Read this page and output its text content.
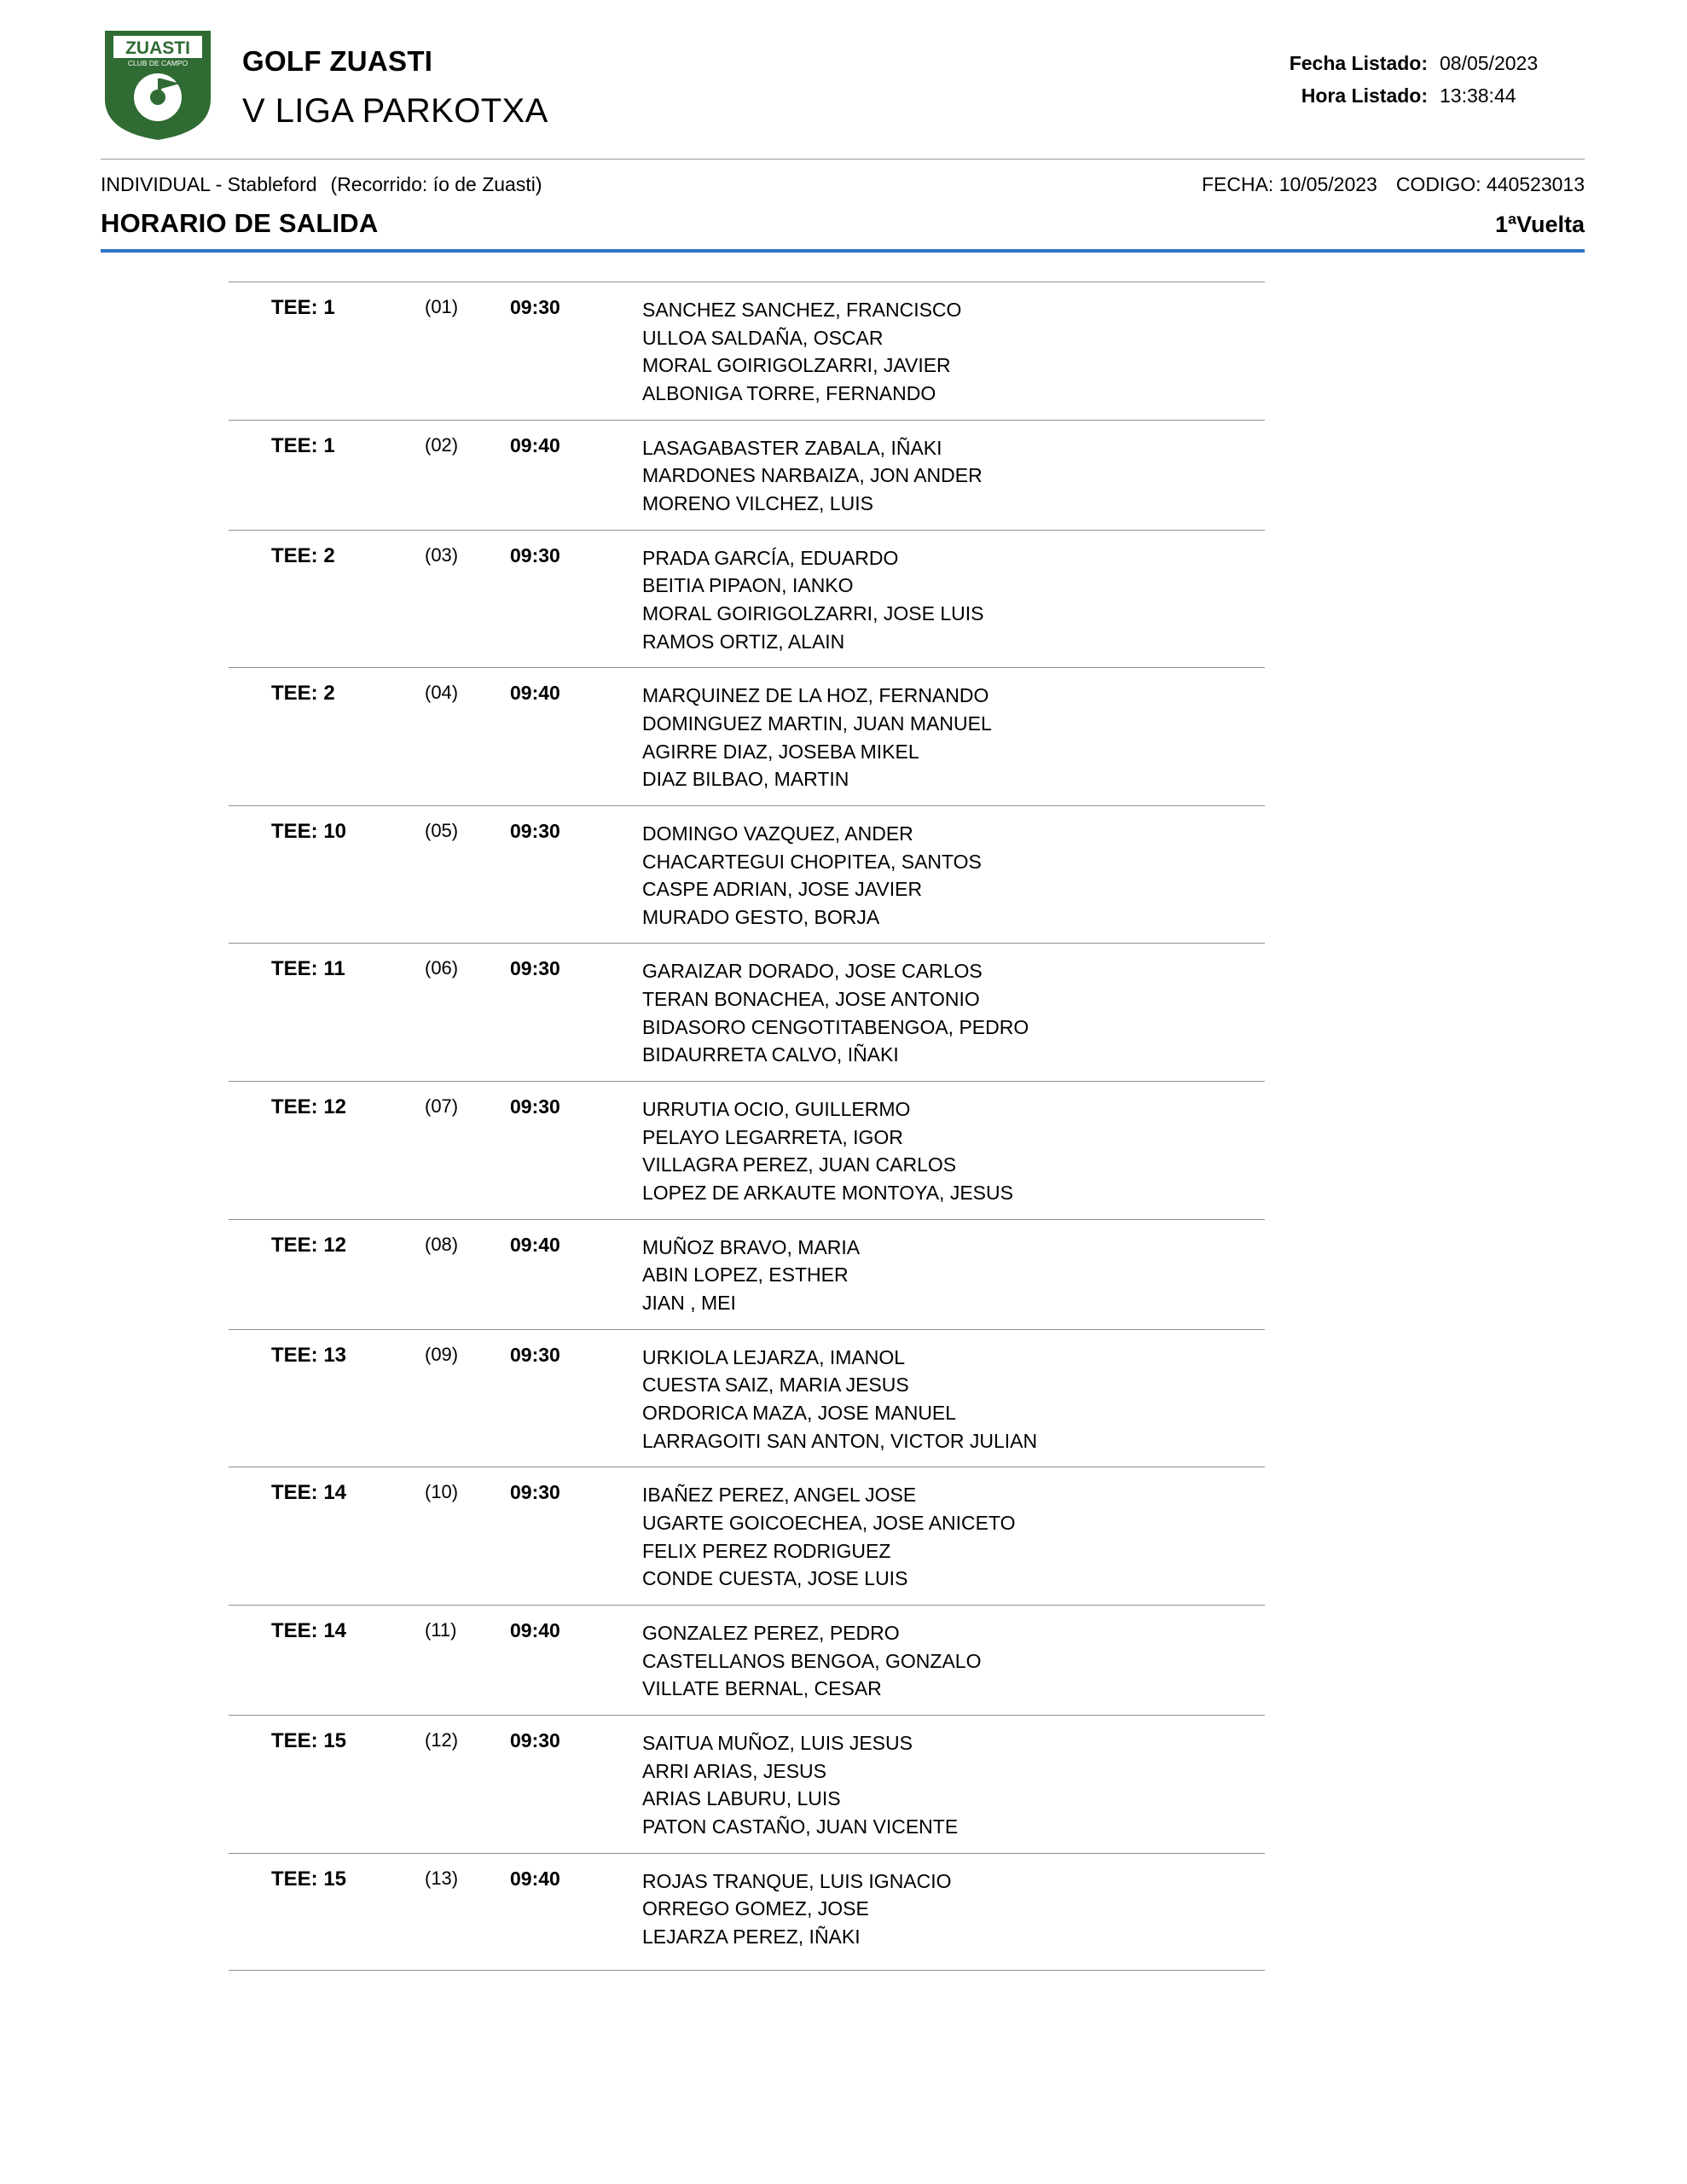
ZUASTI
CLUB DE CAMPO GOLF ZUASTI
V LIGA PARKOTXA
Fecha Listado: 08/05/2023
Hora Listado: 13:38:44
INDIVIDUAL - Stableford (Recorrido: ío de Zuasti)	FECHA: 10/05/2023 CODIGO: 440523013
HORARIO DE SALIDA	1ªVuelta
TEE: 1	(01)	09:30	SANCHEZ SANCHEZ, FRANCISCO
ULLOA SALDAÑA, OSCAR
MORAL GOIRIGOLZARRI, JAVIER
ALBONIGA TORRE, FERNANDO
TEE: 1	(02)	09:40	LASAGABASTER ZABALA, IÑAKI
MARDONES NARBAIZA, JON ANDER
MORENO VILCHEZ, LUIS
TEE: 2	(03)	09:30	PRADA GARCÍA, EDUARDO
BEITIA PIPAON, IANKO
MORAL GOIRIGOLZARRI, JOSE LUIS
RAMOS ORTIZ, ALAIN
TEE: 2	(04)	09:40	MARQUINEZ DE LA HOZ, FERNANDO
DOMINGUEZ MARTIN, JUAN MANUEL
AGIRRE DIAZ, JOSEBA MIKEL
DIAZ BILBAO, MARTIN
TEE: 10	(05)	09:30	DOMINGO VAZQUEZ, ANDER
CHACARTEGUI CHOPITEA, SANTOS
CASPE ADRIAN, JOSE JAVIER
MURADO GESTO, BORJA
TEE: 11	(06)	09:30	GARAIZAR DORADO, JOSE CARLOS
TERAN BONACHEA, JOSE ANTONIO
BIDASORO CENGOTITABENGOA, PEDRO
BIDAURRETA CALVO, IÑAKI
TEE: 12	(07)	09:30	URRUTIA OCIO, GUILLERMO
PELAYO LEGARRETA, IGOR
VILLAGRA PEREZ, JUAN CARLOS
LOPEZ DE ARKAUTE MONTOYA, JESUS
TEE: 12	(08)	09:40	MUÑOZ BRAVO, MARIA
ABIN LOPEZ, ESTHER
JIAN , MEI
TEE: 13	(09)	09:30	URKIOLA LEJARZA, IMANOL
CUESTA SAIZ, MARIA JESUS
ORDORICA MAZA, JOSE MANUEL
LARRAGOITI SAN ANTON, VICTOR JULIAN
TEE: 14	(10)	09:30	IBAÑEZ PEREZ, ANGEL JOSE
UGARTE GOICOECHEA, JOSE ANICETO
FELIX PEREZ RODRIGUEZ
CONDE CUESTA, JOSE LUIS
TEE: 14	(11)	09:40	GONZALEZ PEREZ, PEDRO
CASTELLANOS BENGOA, GONZALO
VILLATE BERNAL, CESAR
TEE: 15	(12)	09:30	SAITUA MUÑOZ, LUIS JESUS
ARRI ARIAS, JESUS
ARIAS LABURU, LUIS
PATON CASTAÑO, JUAN VICENTE
TEE: 15	(13)	09:40	ROJAS TRANQUE, LUIS IGNACIO
ORREGO GOMEZ, JOSE
LEJARZA PEREZ, IÑAKI
